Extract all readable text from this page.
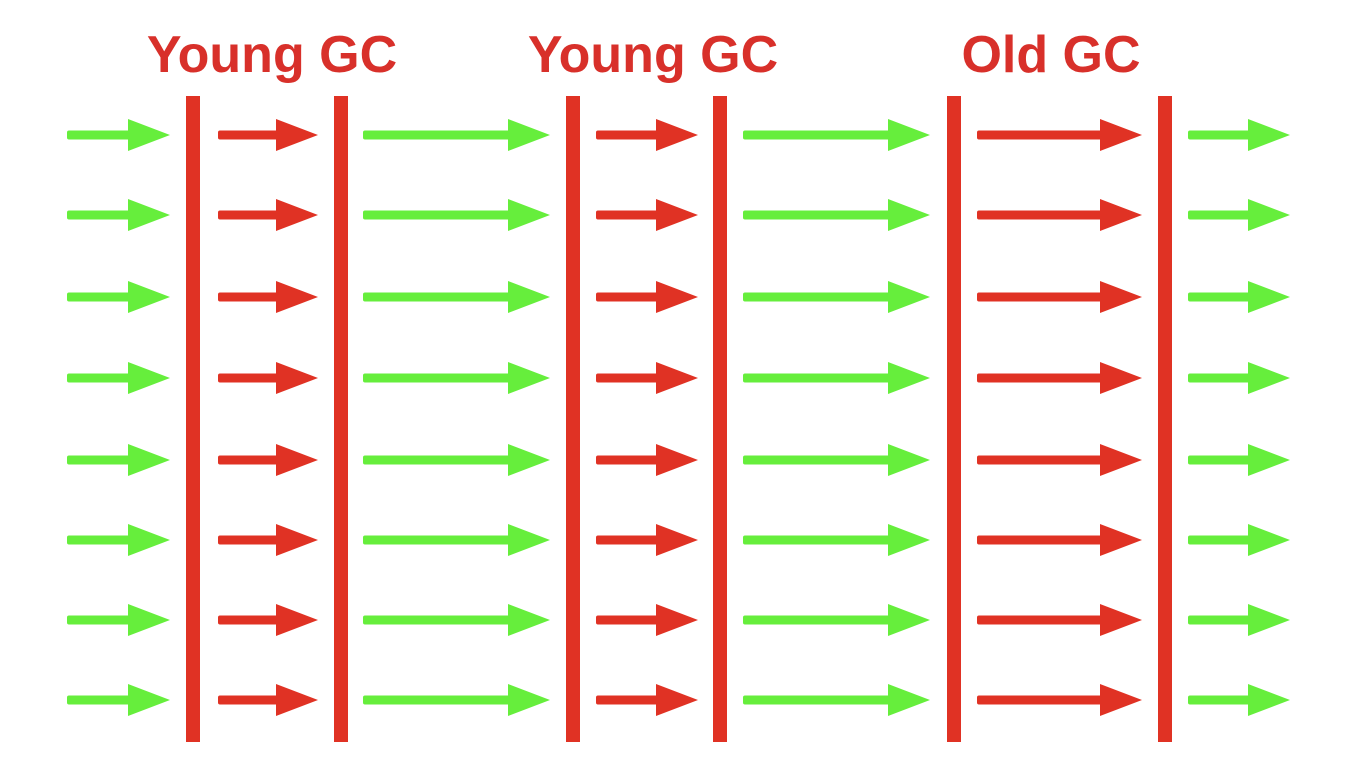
Young GC	Young GC	Old GC
